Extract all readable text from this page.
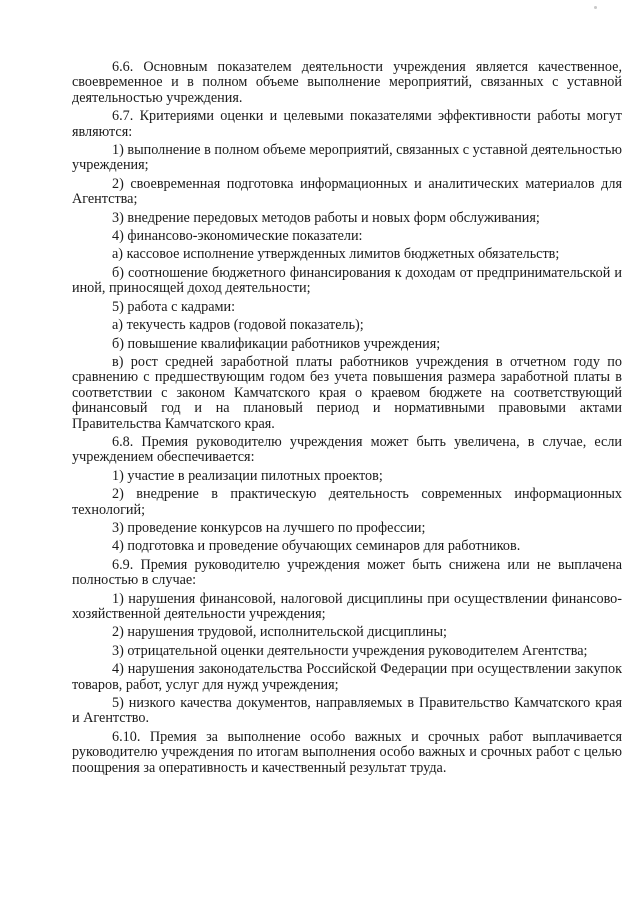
6.6. Основным показателем деятельности учреждения является качественное, своевременное и в полном объеме выполнение мероприятий, связанных с уставной деятельностью учреждения.

6.7. Критериями оценки и целевыми показателями эффективности работы могут являются:

1) выполнение в полном объеме мероприятий, связанных с уставной деятельностью учреждения;

2) своевременная подготовка информационных и аналитических материалов для Агентства;

3) внедрение передовых методов работы и новых форм обслуживания;

4) финансово-экономические показатели:

а) кассовое исполнение утвержденных лимитов бюджетных обязательств;

б) соотношение бюджетного финансирования к доходам от предпринимательской и иной, приносящей доход деятельности;

5) работа с кадрами:

а) текучесть кадров (годовой показатель);

б) повышение квалификации работников учреждения;

в) рост средней заработной платы работников учреждения в отчетном году по сравнению с предшествующим годом без учета повышения размера заработной платы в соответствии с законом Камчатского края о краевом бюджете на соответствующий финансовый год и на плановый период и нормативными правовыми актами Правительства Камчатского края.

6.8. Премия руководителю учреждения может быть увеличена, в случае, если учреждением обеспечивается:

1) участие в реализации пилотных проектов;

2) внедрение в практическую деятельность современных информационных технологий;

3) проведение конкурсов на лучшего по профессии;

4) подготовка и проведение обучающих семинаров для работников.

6.9. Премия руководителю учреждения может быть снижена или не выплачена полностью в случае:

1) нарушения финансовой, налоговой дисциплины при осуществлении финансово-хозяйственной деятельности учреждения;

2) нарушения трудовой, исполнительской дисциплины;

3) отрицательной оценки деятельности учреждения руководителем Агентства;

4) нарушения законодательства Российской Федерации при осуществлении закупок товаров, работ, услуг для нужд учреждения;

5) низкого качества документов, направляемых в Правительство Камчатского края и Агентство.

6.10. Премия за выполнение особо важных и срочных работ выплачивается руководителю учреждения по итогам выполнения особо важных и срочных работ с целью поощрения за оперативность и качественный результат труда.
